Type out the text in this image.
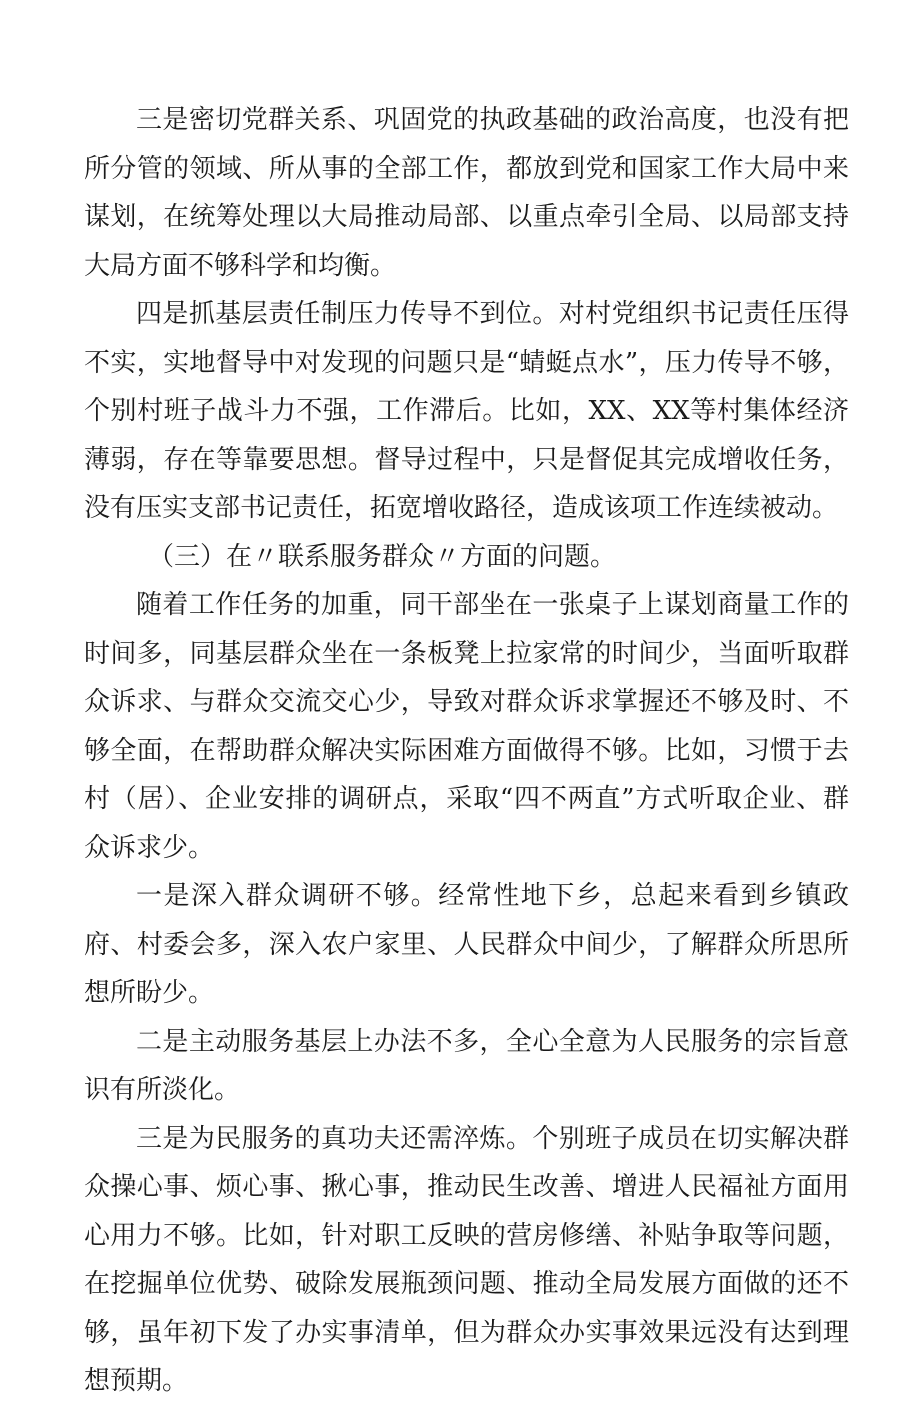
三是密切党群关系、巩固党的执政基础的政治高度，也没有把所分管的领域、所从事的全部工作，都放到党和国家工作大局中来谋划，在统筹处理以大局推动局部、以重点牵引全局、以局部支持大局方面不够科学和均衡。

四是抓基层责任制压力传导不到位。对村党组织书记责任压得不实，实地督导中对发现的问题只是“蜻蜓点水”，压力传导不够，个别村班子战斗力不强，工作滞后。比如，XX、XX等村集体经济薄弱，存在等靠要思想。督导过程中，只是督促其完成增收任务，没有压实支部书记责任，拓宽增收路径，造成该项工作连续被动。

（三）在〃联系服务群众〃方面的问题。

随着工作任务的加重，同干部坐在一张桌子上谋划商量工作的时间多，同基层群众坐在一条板凳上拉家常的时间少，当面听取群众诉求、与群众交流交心少，导致对群众诉求掌握还不够及时、不够全面，在帮助群众解决实际困难方面做得不够。比如，习惯于去村（居）、企业安排的调研点，采取“四不两直”方式听取企业、群众诉求少。

一是深入群众调研不够。经常性地下乡，总起来看到乡镇政府、村委会多，深入农户家里、人民群众中间少，了解群众所思所想所盼少。

二是主动服务基层上办法不多，全心全意为人民服务的宗旨意识有所淡化。

三是为民服务的真功夫还需淬炼。个别班子成员在切实解决群众操心事、烦心事、揪心事，推动民生改善、增进人民福祉方面用心用力不够。比如，针对职工反映的营房修缮、补贴争取等问题，在挖掘单位优势、破除发展瓶颈问题、推动全局发展方面做的还不够，虽年初下发了办实事清单，但为群众办实事效果远没有达到理想预期。
